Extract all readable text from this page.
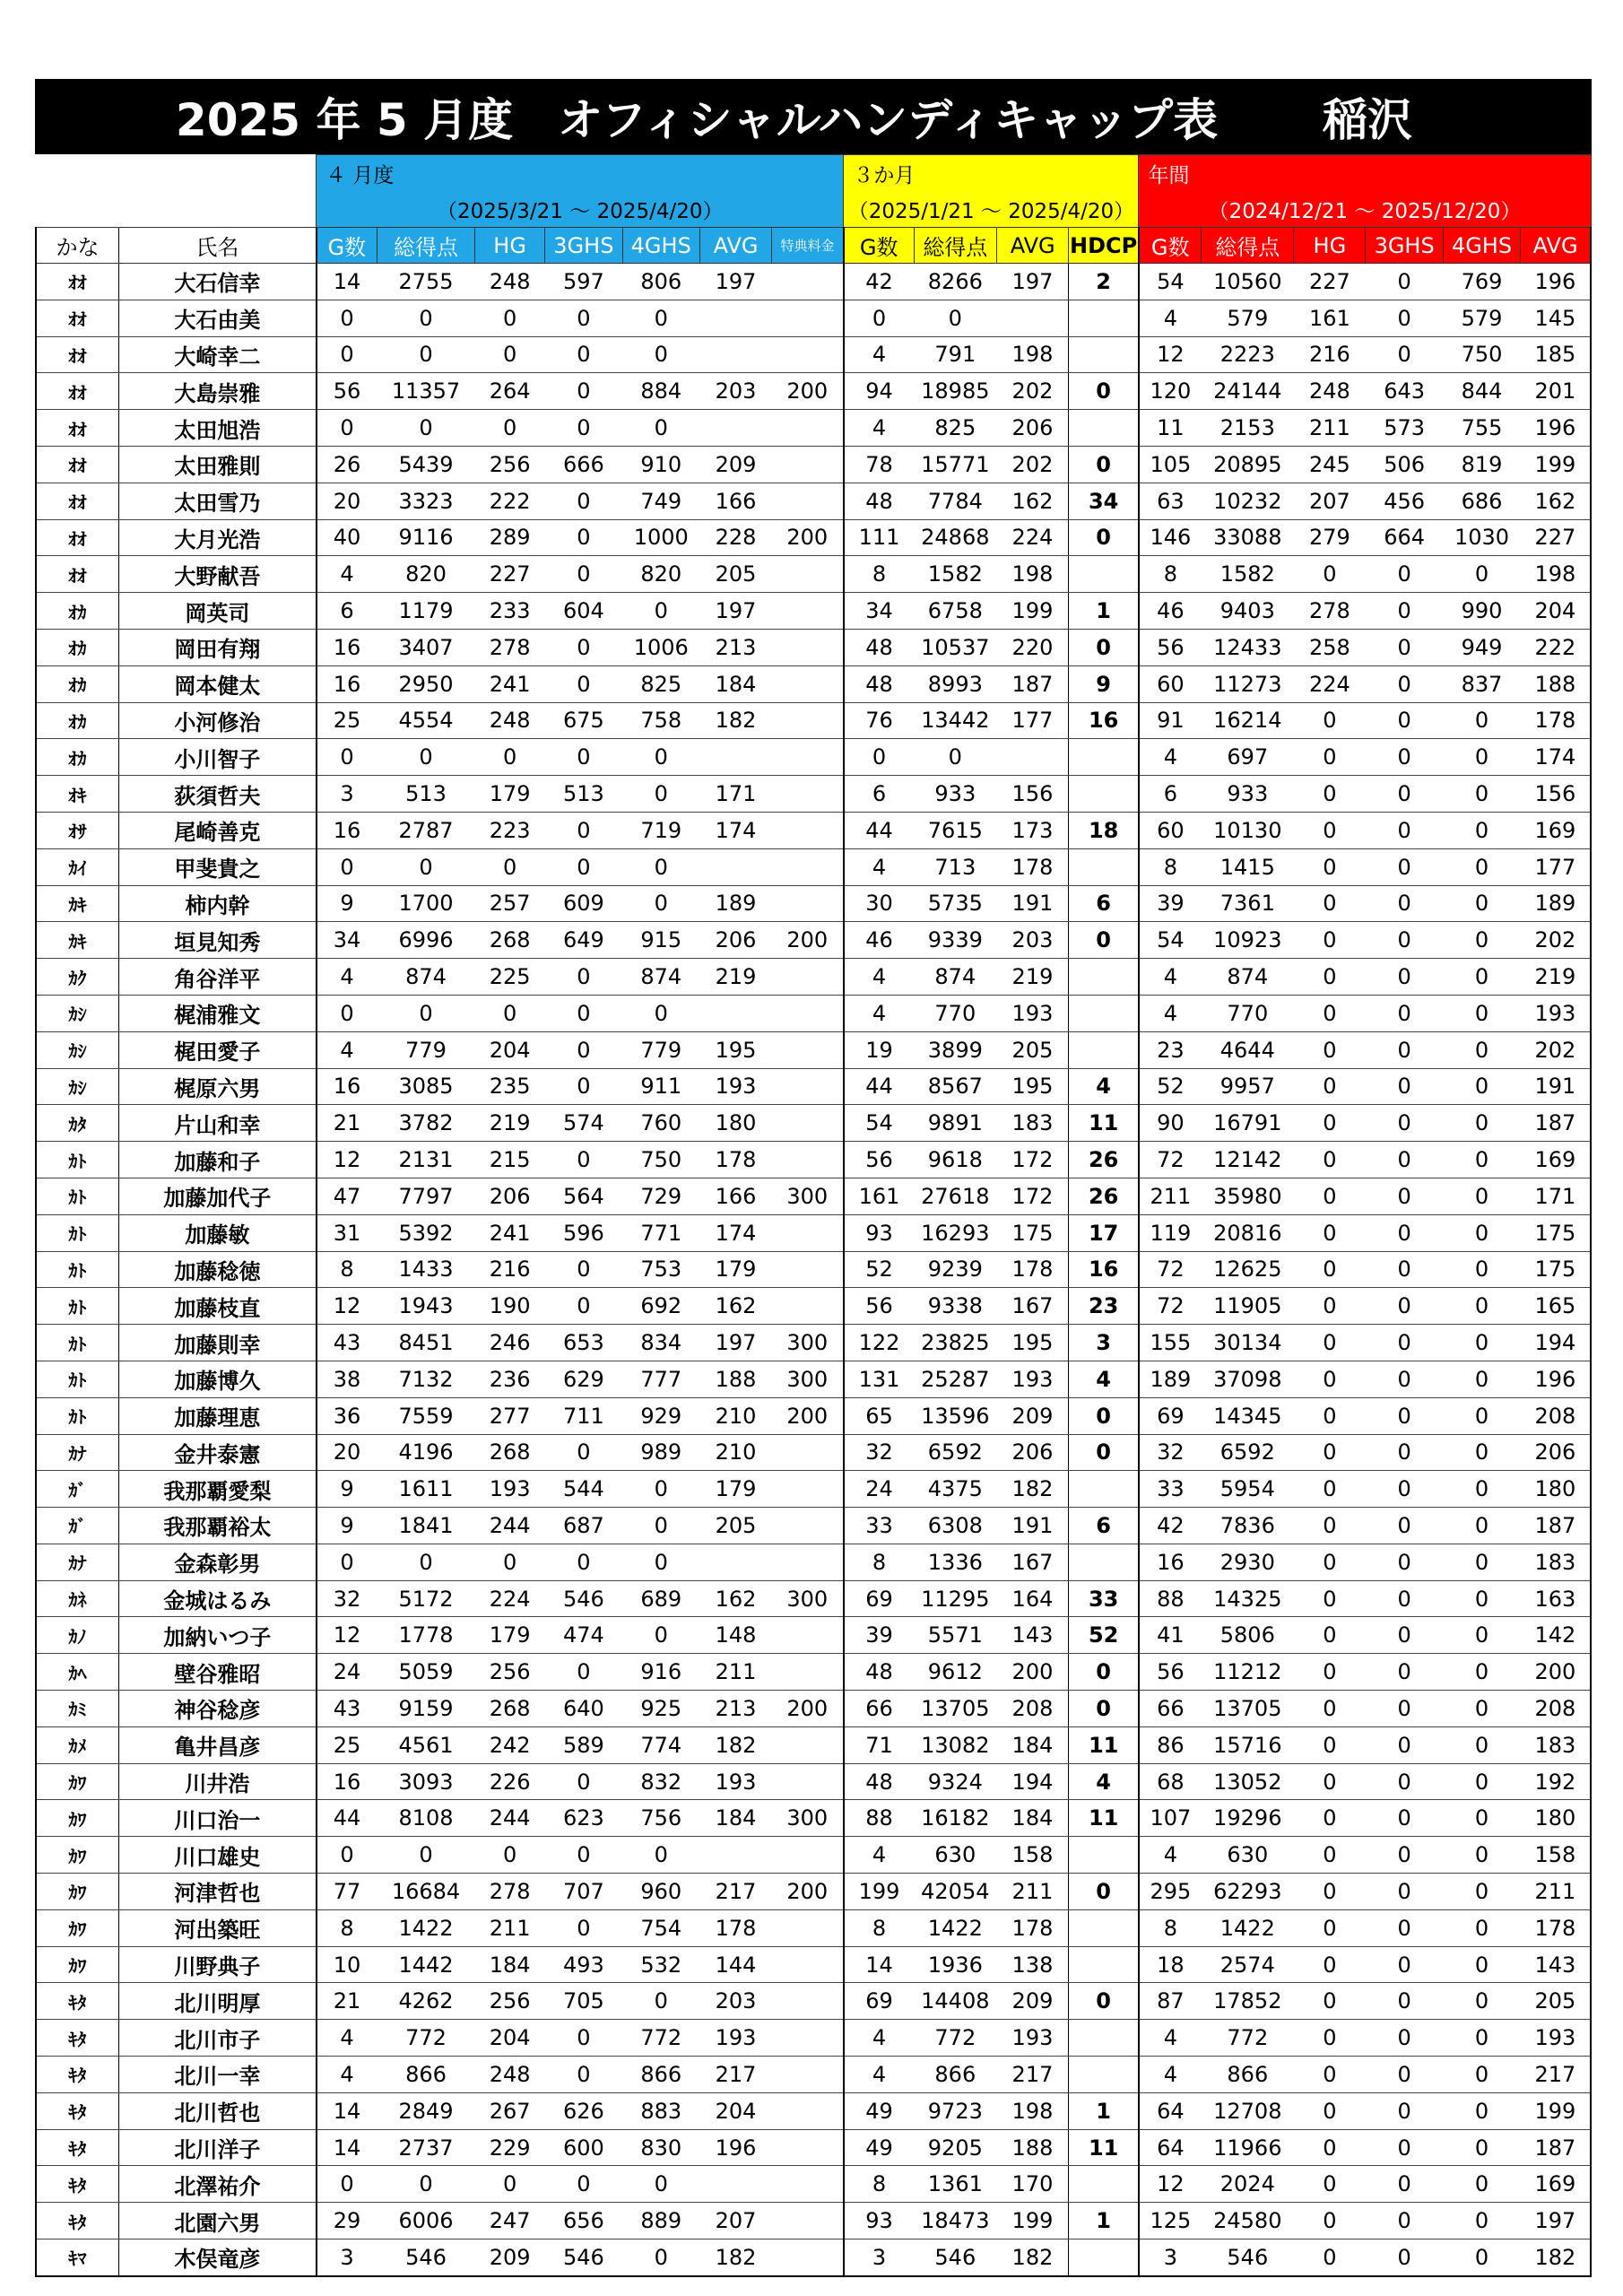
2025 年 5 月度　オフィシャルハンディキャップ表	稲沢
		４ 月度							３か月				年間					
		（2025/3/21 ～ 2025/4/20）							（2025/1/21 ～ 2025/4/20）				（2024/12/21 ～ 2025/12/20）					
かな	氏名	G数	総得点	HG	3GHS	4GHS	AVG	特典料金	G数	総得点	AVG	HDCP	G数	総得点	HG	3GHS	4GHS	AVG
ｵｵ	大石信幸	14	2755	248	597	806	197		42	8266	197	2	54	10560	227	0	769	196
ｵｵ	大石由美	0	0	0	0	0			0	0			4	579	161	0	579	145
ｵｵ	大崎幸二	0	0	0	0	0			4	791	198		12	2223	216	0	750	185
ｵｵ	大島崇雅	56	11357	264	0	884	203	200	94	18985	202	0	120	24144	248	643	844	201
ｵｵ	太田旭浩	0	0	0	0	0			4	825	206		11	2153	211	573	755	196
ｵｵ	太田雅則	26	5439	256	666	910	209		78	15771	202	0	105	20895	245	506	819	199
ｵｵ	太田雪乃	20	3323	222	0	749	166		48	7784	162	34	63	10232	207	456	686	162
ｵｵ	大月光浩	40	9116	289	0	1000	228	200	111	24868	224	0	146	33088	279	664	1030	227
ｵｵ	大野献吾	4	820	227	0	820	205		8	1582	198		8	1582	0	0	0	198
ｵｶ	岡英司	6	1179	233	604	0	197		34	6758	199	1	46	9403	278	0	990	204
ｵｶ	岡田有翔	16	3407	278	0	1006	213		48	10537	220	0	56	12433	258	0	949	222
ｵｶ	岡本健太	16	2950	241	0	825	184		48	8993	187	9	60	11273	224	0	837	188
ｵｶ	小河修治	25	4554	248	675	758	182		76	13442	177	16	91	16214	0	0	0	178
ｵｶ	小川智子	0	0	0	0	0			0	0			4	697	0	0	0	174
ｵｷ	荻須哲夫	3	513	179	513	0	171		6	933	156		6	933	0	0	0	156
ｵｻ	尾崎善克	16	2787	223	0	719	174		44	7615	173	18	60	10130	0	0	0	169
ｶｲ	甲斐貴之	0	0	0	0	0			4	713	178		8	1415	0	0	0	177
ｶｷ	柿内幹	9	1700	257	609	0	189		30	5735	191	6	39	7361	0	0	0	189
ｶｷ	垣見知秀	34	6996	268	649	915	206	200	46	9339	203	0	54	10923	0	0	0	202
ｶｸ	角谷洋平	4	874	225	0	874	219		4	874	219		4	874	0	0	0	219
ｶｼ	梶浦雅文	0	0	0	0	0			4	770	193		4	770	0	0	0	193
ｶｼ	梶田愛子	4	779	204	0	779	195		19	3899	205		23	4644	0	0	0	202
ｶｼ	梶原六男	16	3085	235	0	911	193		44	8567	195	4	52	9957	0	0	0	191
ｶﾀ	片山和幸	21	3782	219	574	760	180		54	9891	183	11	90	16791	0	0	0	187
ｶﾄ	加藤和子	12	2131	215	0	750	178		56	9618	172	26	72	12142	0	0	0	169
ｶﾄ	加藤加代子	47	7797	206	564	729	166	300	161	27618	172	26	211	35980	0	0	0	171
ｶﾄ	加藤敏	31	5392	241	596	771	174		93	16293	175	17	119	20816	0	0	0	175
ｶﾄ	加藤稔徳	8	1433	216	0	753	179		52	9239	178	16	72	12625	0	0	0	175
ｶﾄ	加藤枝直	12	1943	190	0	692	162		56	9338	167	23	72	11905	0	0	0	165
ｶﾄ	加藤則幸	43	8451	246	653	834	197	300	122	23825	195	3	155	30134	0	0	0	194
ｶﾄ	加藤博久	38	7132	236	629	777	188	300	131	25287	193	4	189	37098	0	0	0	196
ｶﾄ	加藤理恵	36	7559	277	711	929	210	200	65	13596	209	0	69	14345	0	0	0	208
ｶﾅ	金井泰憲	20	4196	268	0	989	210		32	6592	206	0	32	6592	0	0	0	206
ｶﾞ	我那覇愛梨	9	1611	193	544	0	179		24	4375	182		33	5954	0	0	0	180
ｶﾞ	我那覇裕太	9	1841	244	687	0	205		33	6308	191	6	42	7836	0	0	0	187
ｶﾅ	金森彰男	0	0	0	0	0			8	1336	167		16	2930	0	0	0	183
ｶﾈ	金城はるみ	32	5172	224	546	689	162	300	69	11295	164	33	88	14325	0	0	0	163
ｶﾉ	加納いつ子	12	1778	179	474	0	148		39	5571	143	52	41	5806	0	0	0	142
ｶﾍ	壁谷雅昭	24	5059	256	0	916	211		48	9612	200	0	56	11212	0	0	0	200
ｶﾐ	神谷稔彦	43	9159	268	640	925	213	200	66	13705	208	0	66	13705	0	0	0	208
ｶﾒ	亀井昌彦	25	4561	242	589	774	182		71	13082	184	11	86	15716	0	0	0	183
ｶﾜ	川井浩	16	3093	226	0	832	193		48	9324	194	4	68	13052	0	0	0	192
ｶﾜ	川口治一	44	8108	244	623	756	184	300	88	16182	184	11	107	19296	0	0	0	180
ｶﾜ	川口雄史	0	0	0	0	0			4	630	158		4	630	0	0	0	158
ｶﾜ	河津哲也	77	16684	278	707	960	217	200	199	42054	211	0	295	62293	0	0	0	211
ｶﾜ	河出築旺	8	1422	211	0	754	178		8	1422	178		8	1422	0	0	0	178
ｶﾜ	川野典子	10	1442	184	493	532	144		14	1936	138		18	2574	0	0	0	143
ｷﾀ	北川明厚	21	4262	256	705	0	203		69	14408	209	0	87	17852	0	0	0	205
ｷﾀ	北川市子	4	772	204	0	772	193		4	772	193		4	772	0	0	0	193
ｷﾀ	北川一幸	4	866	248	0	866	217		4	866	217		4	866	0	0	0	217
ｷﾀ	北川哲也	14	2849	267	626	883	204		49	9723	198	1	64	12708	0	0	0	199
ｷﾀ	北川洋子	14	2737	229	600	830	196		49	9205	188	11	64	11966	0	0	0	187
ｷﾀ	北澤祐介	0	0	0	0	0			8	1361	170		12	2024	0	0	0	169
ｷﾀ	北園六男	29	6006	247	656	889	207		93	18473	199	1	125	24580	0	0	0	197
ｷﾏ	木俣竜彦	3	546	209	546	0	182		3	546	182		3	546	0	0	0	182
